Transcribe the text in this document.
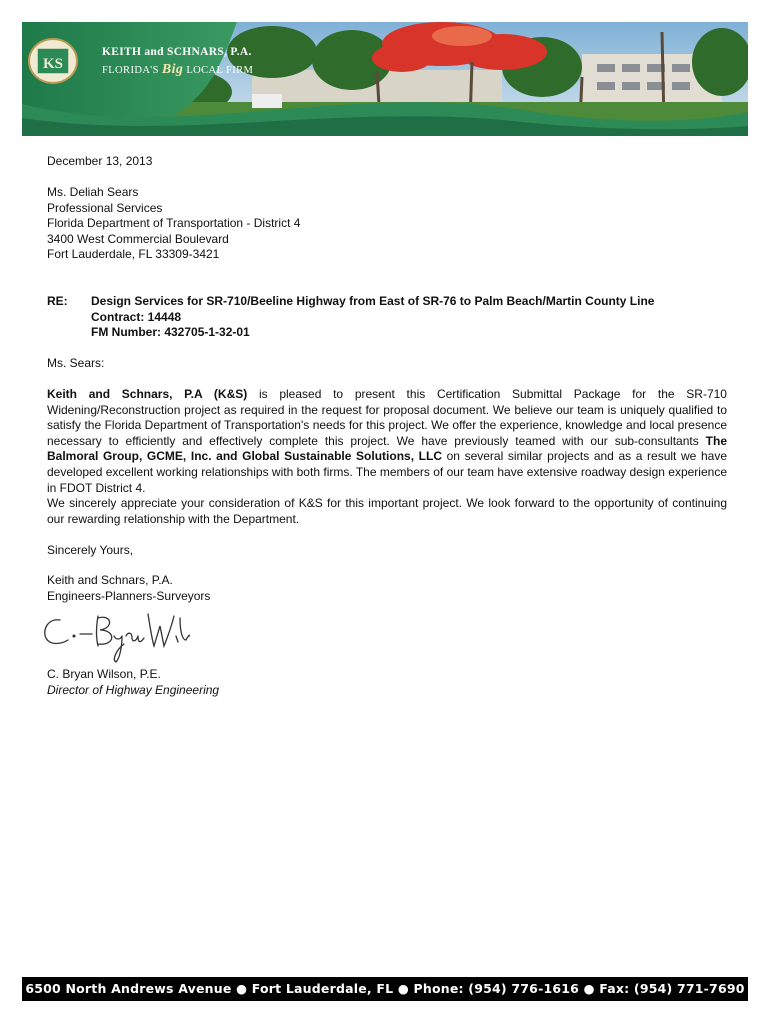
KS
KEITH and SCHNARS, P.A.
FLORIDA'S Big LOCAL FIRM
December 13, 2013
Ms. Deliah Sears
Professional Services
Florida Department of Transportation - District 4
3400 West Commercial Boulevard
Fort Lauderdale, FL 33309-3421
RE: Design Services for SR-710/Beeline Highway from East of SR-76 to Palm Beach/Martin County Line
Contract: 14448
FM Number: 432705-1-32-01
Ms. Sears:
Keith and Schnars, P.A (K&S) is pleased to present this Certification Submittal Package for the SR-710 Widening/Reconstruction project as required in the request for proposal document. We believe our team is uniquely qualified to satisfy the Florida Department of Transportation's needs for this project. We offer the experience, knowledge and local presence necessary to efficiently and effectively complete this project. We have previously teamed with our sub-consultants The Balmoral Group, GCME, Inc. and Global Sustainable Solutions, LLC on several similar projects and as a result we have developed excellent working relationships with both firms. The members of our team have extensive roadway design experience in FDOT District 4.
We sincerely appreciate your consideration of K&S for this important project. We look forward to the opportunity of continuing our rewarding relationship with the Department.
Sincerely Yours,
Keith and Schnars, P.A.
Engineers-Planners-Surveyors
C. Bryan Wilson, P.E.
Director of Highway Engineering
6500 North Andrews Avenue ● Fort Lauderdale, FL ● Phone: (954) 776-1616 ● Fax: (954) 771-7690
